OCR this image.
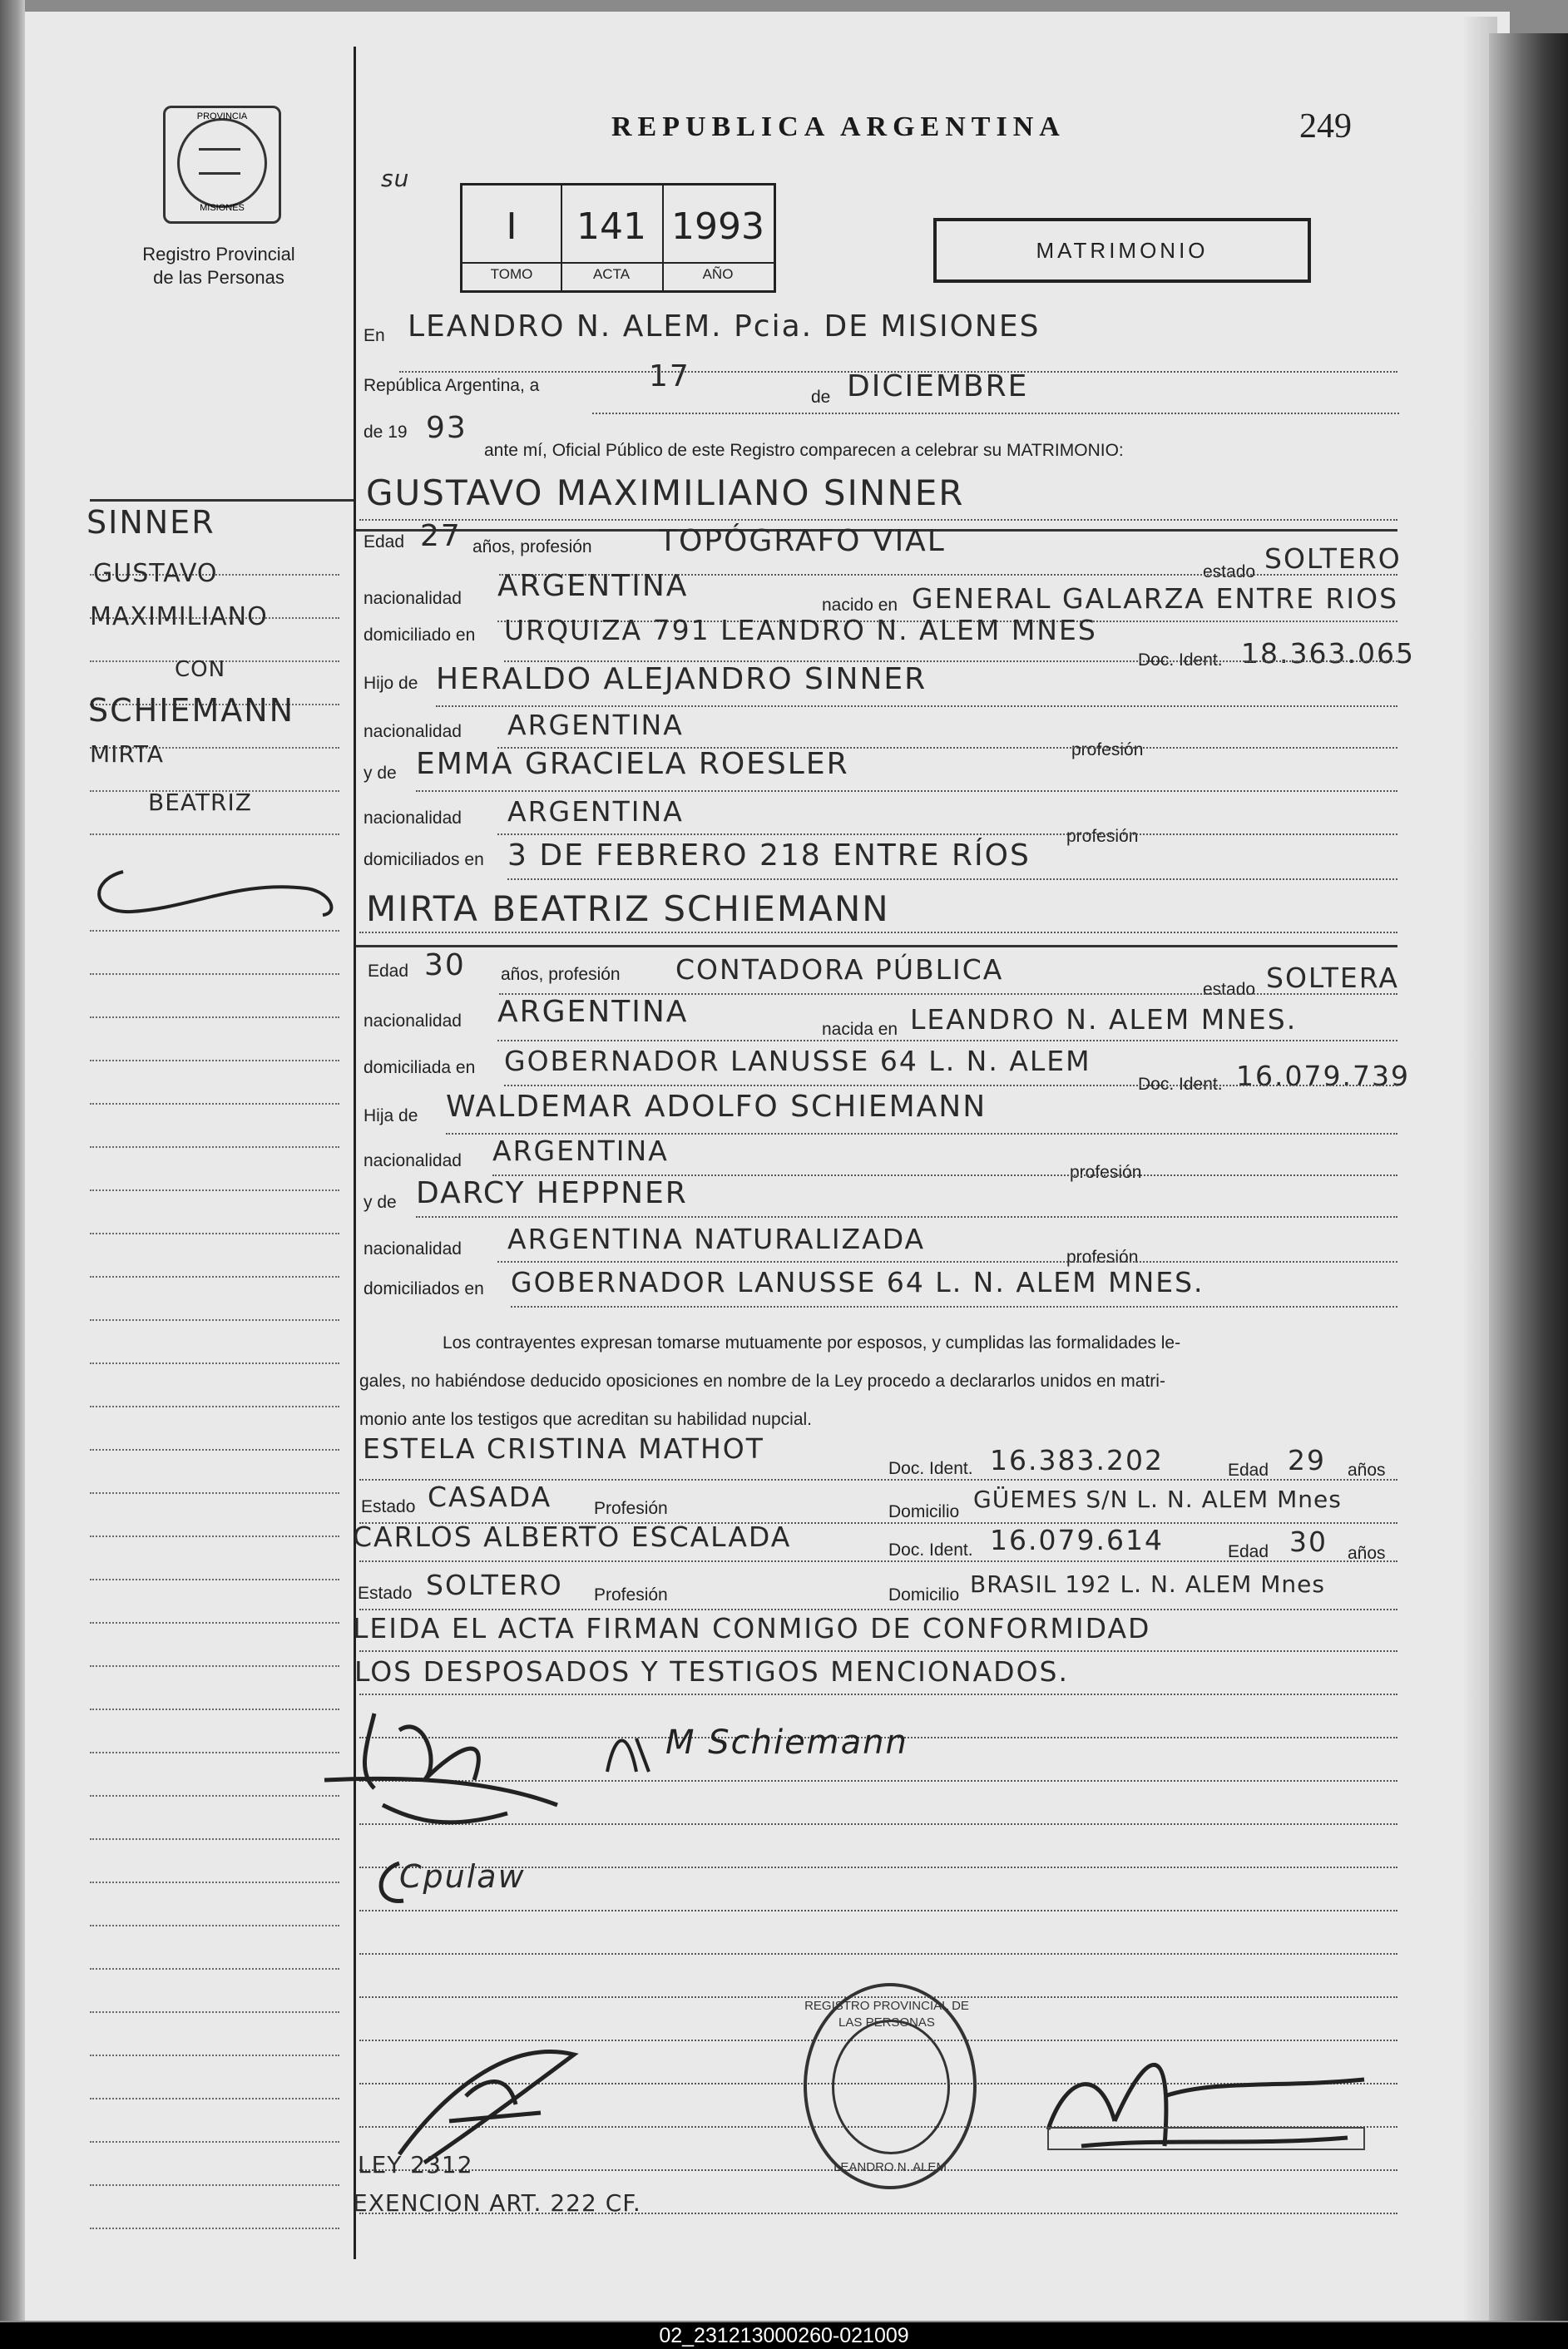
PROVINCIA
MISIONES
Registro Provincial
de las Personas
REPUBLICA ARGENTINA	249
su
I
TOMO
141
ACTA
1993
AÑO
MATRIMONIO
En LEANDRO N. ALEM. Pcia. DE MISIONES
República Argentina, a	17
de DICIEMBRE
de 19 93
ante mí, Oficial Público de este Registro comparecen a celebrar su MATRIMONIO:
GUSTAVO MAXIMILIANO SINNER
Edad 27 años, profesión TOPÓGRAFO VIAL
estado SOLTERO
nacionalidad ARGENTINA
nacido en GENERAL GALARZA ENTRE RIOS
domiciliado en URQUIZA 791 LEANDRO N. ALEM MNES
Doc. Ident. 18.363.065
Hijo de HERALDO ALEJANDRO SINNER
nacionalidad ARGENTINA
profesión
y de EMMA GRACIELA ROESLER
nacionalidad ARGENTINA
profesión
domiciliados en 3 DE FEBRERO 218 ENTRE RÍOS
MIRTA BEATRIZ SCHIEMANN
Edad 30 años, profesión CONTADORA PÚBLICA
estado SOLTERA
nacionalidad ARGENTINA
nacida en LEANDRO N. ALEM MNES.
domiciliada en GOBERNADOR LANUSSE 64 L. N. ALEM
Doc. Ident. 16.079.739
Hija de WALDEMAR ADOLFO SCHIEMANN
nacionalidad ARGENTINA
profesión
y de DARCY HEPPNER
nacionalidad ARGENTINA NATURALIZADA
profesión
domiciliados en GOBERNADOR LANUSSE 64 L. N. ALEM MNES.
Los contrayentes expresan tomarse mutuamente por esposos, y cumplidas las formalidades le-
gales, no habiéndose deducido oposiciones en nombre de la Ley procedo a declararlos unidos en matri-
monio ante los testigos que acreditan su habilidad nupcial.
ESTELA CRISTINA MATHOT
Doc. Ident. 16.383.202	Edad 29 años
Estado CASADA Profesión	Domicilio GÜEMES S/N L. N. ALEM Mnes
CARLOS ALBERTO ESCALADA	Doc. Ident. 16.079.614	Edad 30 años
Estado SOLTERO Profesión	Domicilio BRASIL 192 L. N. ALEM Mnes
LEIDA EL ACTA FIRMAN CONMIGO DE CONFORMIDAD
LOS DESPOSADOS Y TESTIGOS MENCIONADOS.
M Schiemann
Cpulaw
REGISTRO PROVINCIAL DE LAS PERSONAS
LEANDRO N. ALEM
LEY 2312
EXENCION ART. 222 CF.
SINNER
GUSTAVO
MAXIMILIANO
CON
SCHIEMANN
MIRTA
BEATRIZ
02_231213000260-021009
